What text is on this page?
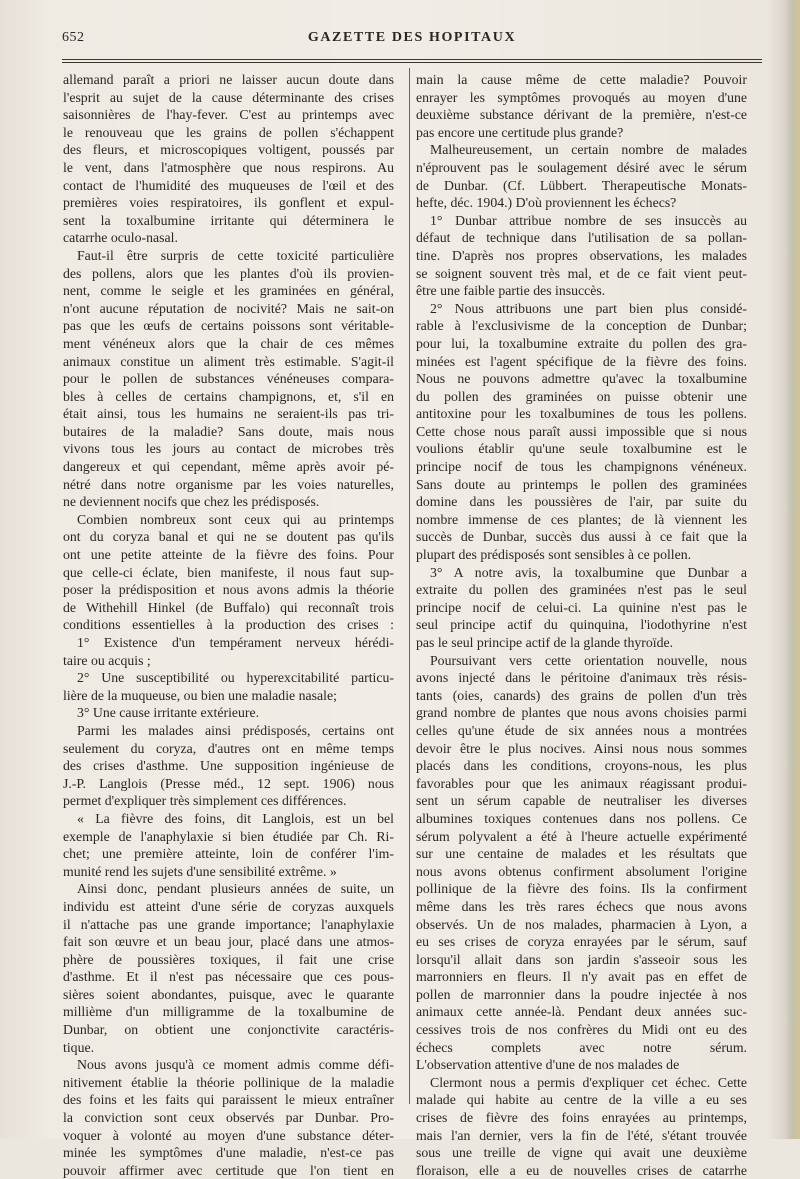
652	GAZETTE DES HOPITAUX
allemand paraît a priori ne laisser aucun doute dans
l'esprit au sujet de la cause déterminante des crises
saisonnières de l'hay-fever. C'est au printemps avec
le renouveau que les grains de pollen s'échappent
des fleurs, et microscopiques voltigent, poussés par
le vent, dans l'atmosphère que nous respirons. Au
contact de l'humidité des muqueuses de l'œil et des
premières voies respiratoires, ils gonflent et expul-
sent la toxalbumine irritante qui déterminera le
catarrhe oculo-nasal.
Faut-il être surpris de cette toxicité particulière
des pollens, alors que les plantes d'où ils provien-
nent, comme le seigle et les graminées en général,
n'ont aucune réputation de nocivité? Mais ne sait-on
pas que les œufs de certains poissons sont véritable-
ment vénéneux alors que la chair de ces mêmes
animaux constitue un aliment très estimable. S'agit-il
pour le pollen de substances vénéneuses compara-
bles à celles de certains champignons, et, s'il en
était ainsi, tous les humains ne seraient-ils pas tri-
butaires de la maladie? Sans doute, mais nous
vivons tous les jours au contact de microbes très
dangereux et qui cependant, même après avoir pé-
nétré dans notre organisme par les voies naturelles,
ne deviennent nocifs que chez les prédisposés.
Combien nombreux sont ceux qui au printemps
ont du coryza banal et qui ne se doutent pas qu'ils
ont une petite atteinte de la fièvre des foins. Pour
que celle-ci éclate, bien manifeste, il nous faut sup-
poser la prédisposition et nous avons admis la théorie
de Withehill Hinkel (de Buffalo) qui reconnaît trois
conditions essentielles à la production des crises :
1° Existence d'un tempérament nerveux hérédi-
taire ou acquis ;
2° Une susceptibilité ou hyperexcitabilité particu-
lière de la muqueuse, ou bien une maladie nasale;
3° Une cause irritante extérieure.
Parmi les malades ainsi prédisposés, certains ont
seulement du coryza, d'autres ont en même temps
des crises d'asthme. Une supposition ingénieuse de
J.-P. Langlois (Presse méd., 12 sept. 1906) nous
permet d'expliquer très simplement ces différences.
« La fièvre des foins, dit Langlois, est un bel
exemple de l'anaphylaxie si bien étudiée par Ch. Ri-
chet; une première atteinte, loin de conférer l'im-
munité rend les sujets d'une sensibilité extrême. »
Ainsi donc, pendant plusieurs années de suite, un
individu est atteint d'une série de coryzas auxquels
il n'attache pas une grande importance; l'anaphylaxie
fait son œuvre et un beau jour, placé dans une atmos-
phère de poussières toxiques, il fait une crise
d'asthme. Et il n'est pas nécessaire que ces pous-
sières soient abondantes, puisque, avec le quarante
millième d'un milligramme de la toxalbumine de
Dunbar, on obtient une conjonctivite caractéris-
tique.
Nous avons jusqu'à ce moment admis comme défi-
nitivement établie la théorie pollinique de la maladie
des foins et les faits qui paraissent le mieux entraîner
la conviction sont ceux observés par Dunbar. Pro-
voquer à volonté au moyen d'une substance déter-
minée les symptômes d'une maladie, n'est-ce pas
pouvoir affirmer avec certitude que l'on tient en
main la cause même de cette maladie? Pouvoir
enrayer les symptômes provoqués au moyen d'une
deuxième substance dérivant de la première, n'est-ce
pas encore une certitude plus grande?
Malheureusement, un certain nombre de malades
n'éprouvent pas le soulagement désiré avec le sérum
de Dunbar. (Cf. Lübbert. Therapeutische Monats-
hefte, déc. 1904.) D'où proviennent les échecs?
1° Dunbar attribue nombre de ses insuccès au
défaut de technique dans l'utilisation de sa pollan-
tine. D'après nos propres observations, les malades
se soignent souvent très mal, et de ce fait vient peut-
être une faible partie des insuccès.
2° Nous attribuons une part bien plus considé-
rable à l'exclusivisme de la conception de Dunbar;
pour lui, la toxalbumine extraite du pollen des gra-
minées est l'agent spécifique de la fièvre des foins.
Nous ne pouvons admettre qu'avec la toxalbumine
du pollen des graminées on puisse obtenir une
antitoxine pour les toxalbumines de tous les pollens.
Cette chose nous paraît aussi impossible que si nous
voulions établir qu'une seule toxalbumine est le
principe nocif de tous les champignons vénéneux.
Sans doute au printemps le pollen des graminées
domine dans les poussières de l'air, par suite du
nombre immense de ces plantes; de là viennent les
succès de Dunbar, succès dus aussi à ce fait que la
plupart des prédisposés sont sensibles à ce pollen.
3° A notre avis, la toxalbumine que Dunbar a
extraite du pollen des graminées n'est pas le seul
principe nocif de celui-ci. La quinine n'est pas le
seul principe actif du quinquina, l'iodothyrine n'est
pas le seul principe actif de la glande thyroïde.
Poursuivant vers cette orientation nouvelle, nous
avons injecté dans le péritoine d'animaux très résis-
tants (oies, canards) des grains de pollen d'un très
grand nombre de plantes que nous avons choisies parmi
celles qu'une étude de six années nous a montrées
devoir être le plus nocives. Ainsi nous nous sommes
placés dans les conditions, croyons-nous, les plus
favorables pour que les animaux réagissant produi-
sent un sérum capable de neutraliser les diverses
albumines toxiques contenues dans nos pollens. Ce
sérum polyvalent a été à l'heure actuelle expérimenté
sur une centaine de malades et les résultats que
nous avons obtenus confirment absolument l'origine
pollinique de la fièvre des foins. Ils la confirment
même dans les très rares échecs que nous avons
observés. Un de nos malades, pharmacien à Lyon, a
eu ses crises de coryza enrayées par le sérum, sauf
lorsqu'il allait dans son jardin s'asseoir sous les
marronniers en fleurs. Il n'y avait pas en effet de
pollen de marronnier dans la poudre injectée à nos
animaux cette année-là. Pendant deux années suc-
cessives trois de nos confrères du Midi ont eu des
échecs complets avec notre sérum.
L'observation attentive d'une de nos malades de
Clermont nous a permis d'expliquer cet échec. Cette
malade qui habite au centre de la ville a eu ses
crises de fièvre des foins enrayées au printemps,
mais l'an dernier, vers la fin de l'été, s'étant trouvée
sous une treille de vigne qui avait une deuxième
floraison, elle a eu de nouvelles crises de catarrhe
